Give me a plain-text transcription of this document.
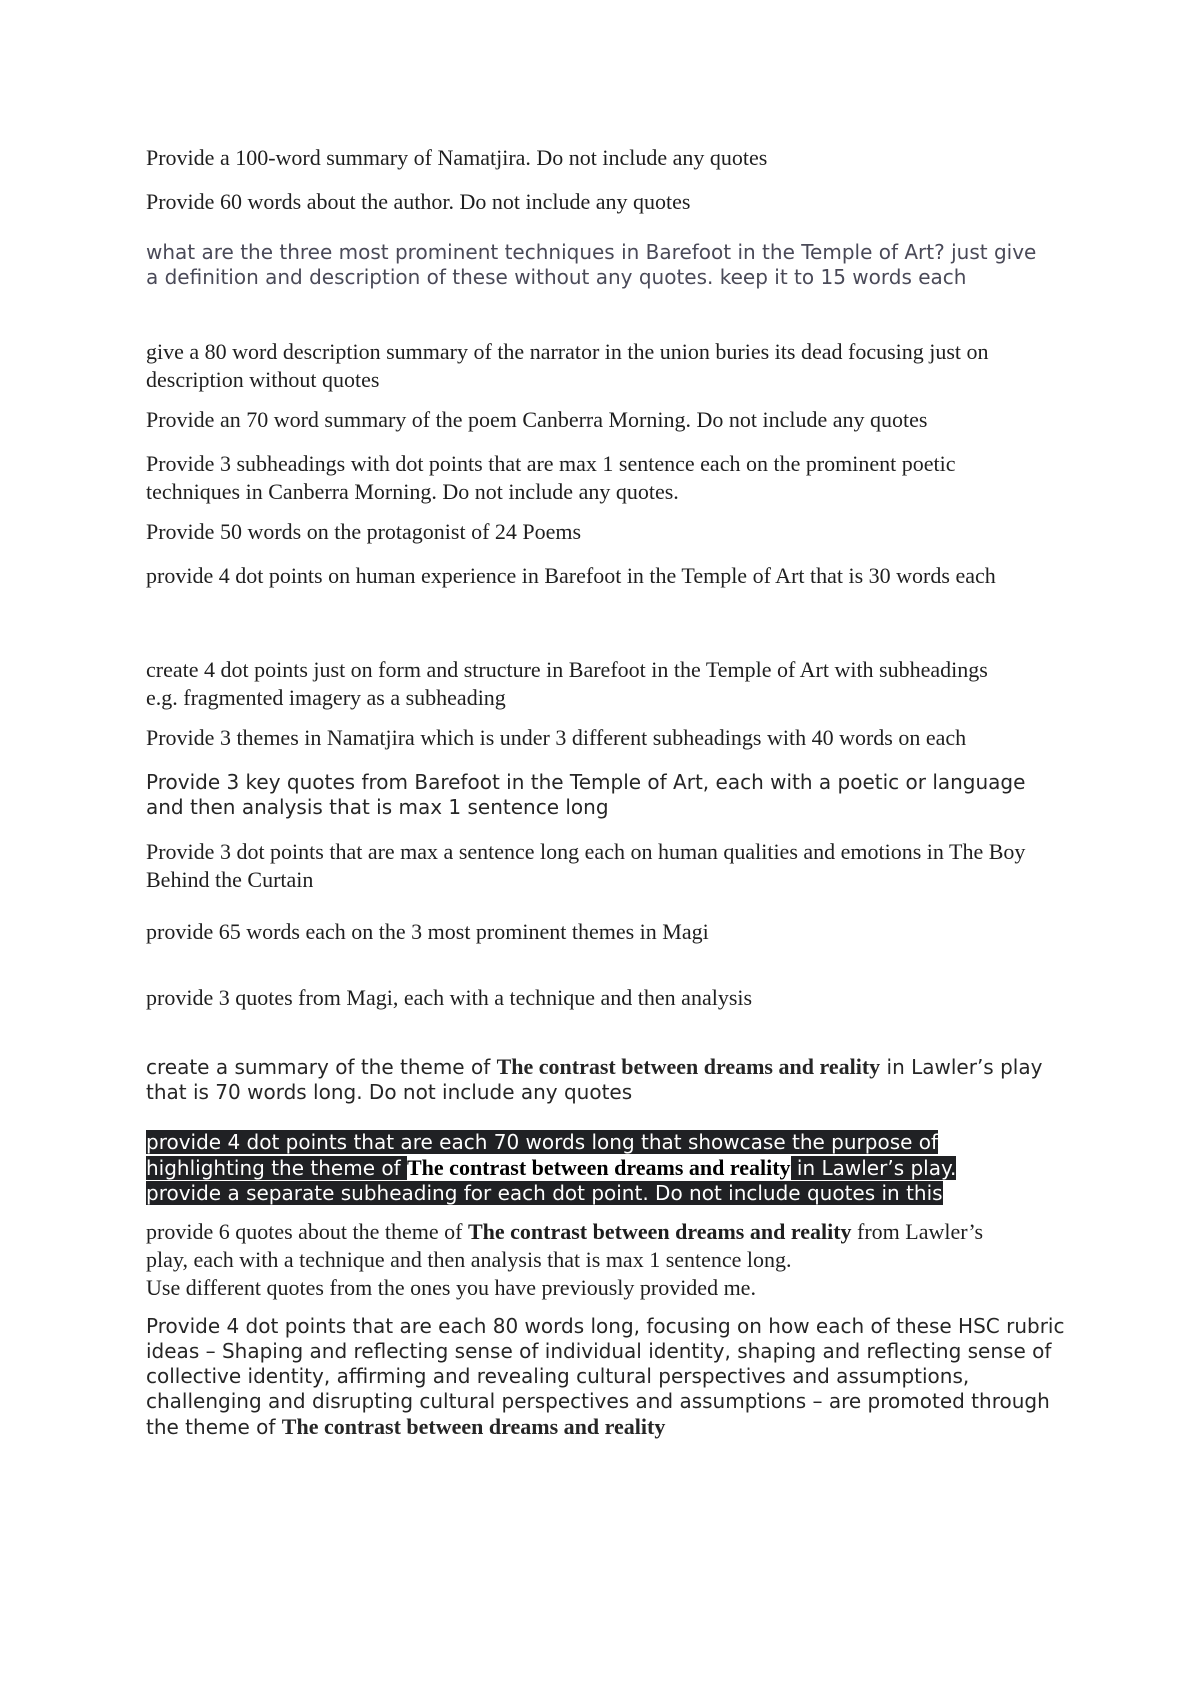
Provide a 100-word summary of Namatjira. Do not include any quotes

Provide 60 words about the author. Do not include any quotes

what are the three most prominent techniques in Barefoot in the Temple of Art? just give a definition and description of these without any quotes. keep it to 15 words each

give a 80 word description summary of the narrator in the union buries its dead focusing just on description without quotes

Provide an 70 word summary of the poem Canberra Morning. Do not include any quotes

Provide 3 subheadings with dot points that are max 1 sentence each on the prominent poetic techniques in Canberra Morning. Do not include any quotes.

Provide 50 words on the protagonist of 24 Poems

provide 4 dot points on human experience in Barefoot in the Temple of Art that is 30 words each

create 4 dot points just on form and structure in Barefoot in the Temple of Art with subheadings e.g. fragmented imagery as a subheading

Provide 3 themes in Namatjira which is under 3 different subheadings with 40 words on each

Provide 3 key quotes from Barefoot in the Temple of Art, each with a poetic or language and then analysis that is max 1 sentence long

Provide 3 dot points that are max a sentence long each on human qualities and emotions in The Boy Behind the Curtain

provide 65 words each on the 3 most prominent themes in Magi

provide 3 quotes from Magi, each with a technique and then analysis

create a summary of the theme of The contrast between dreams and reality in Lawler’s play that is 70 words long. Do not include any quotes

provide 4 dot points that are each 70 words long that showcase the purpose of highlighting the theme of The contrast between dreams and reality in Lawler’s play. provide a separate subheading for each dot point. Do not include quotes in this

provide 6 quotes about the theme of The contrast between dreams and reality from Lawler’s play, each with a technique and then analysis that is max 1 sentence long.
Use different quotes from the ones you have previously provided me.

Provide 4 dot points that are each 80 words long, focusing on how each of these HSC rubric ideas – Shaping and reflecting sense of individual identity, shaping and reflecting sense of collective identity, affirming and revealing cultural perspectives and assumptions, challenging and disrupting cultural perspectives and assumptions – are promoted through the theme of The contrast between dreams and reality
